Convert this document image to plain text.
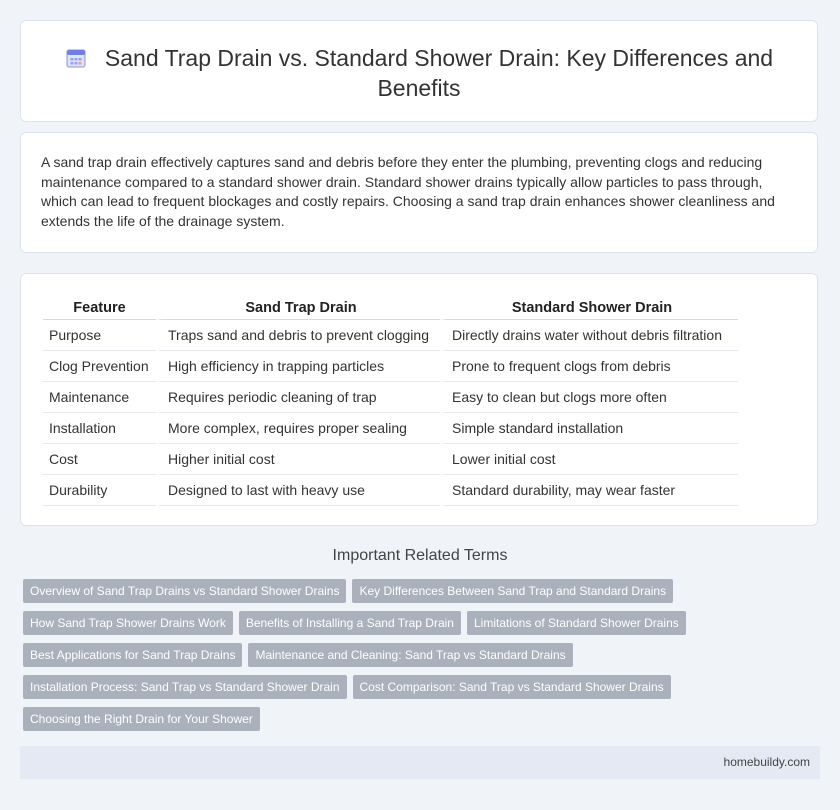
Sand Trap Drain vs. Standard Shower Drain: Key Differences and Benefits
A sand trap drain effectively captures sand and debris before they enter the plumbing, preventing clogs and reducing maintenance compared to a standard shower drain. Standard shower drains typically allow particles to pass through, which can lead to frequent blockages and costly repairs. Choosing a sand trap drain enhances shower cleanliness and extends the life of the drainage system.
Feature	Sand Trap Drain	Standard Shower Drain
Purpose	Traps sand and debris to prevent clogging	Directly drains water without debris filtration
Clog Prevention	High efficiency in trapping particles	Prone to frequent clogs from debris
Maintenance	Requires periodic cleaning of trap	Easy to clean but clogs more often
Installation	More complex, requires proper sealing	Simple standard installation
Cost	Higher initial cost	Lower initial cost
Durability	Designed to last with heavy use	Standard durability, may wear faster
Important Related Terms
Overview of Sand Trap Drains vs Standard Shower Drains Key Differences Between Sand Trap and Standard Drains
How Sand Trap Shower Drains Work Benefits of Installing a Sand Trap Drain Limitations of Standard Shower Drains
Best Applications for Sand Trap Drains Maintenance and Cleaning: Sand Trap vs Standard Drains
Installation Process: Sand Trap vs Standard Shower Drain Cost Comparison: Sand Trap vs Standard Shower Drains
Choosing the Right Drain for Your Shower
homebuildy.com
